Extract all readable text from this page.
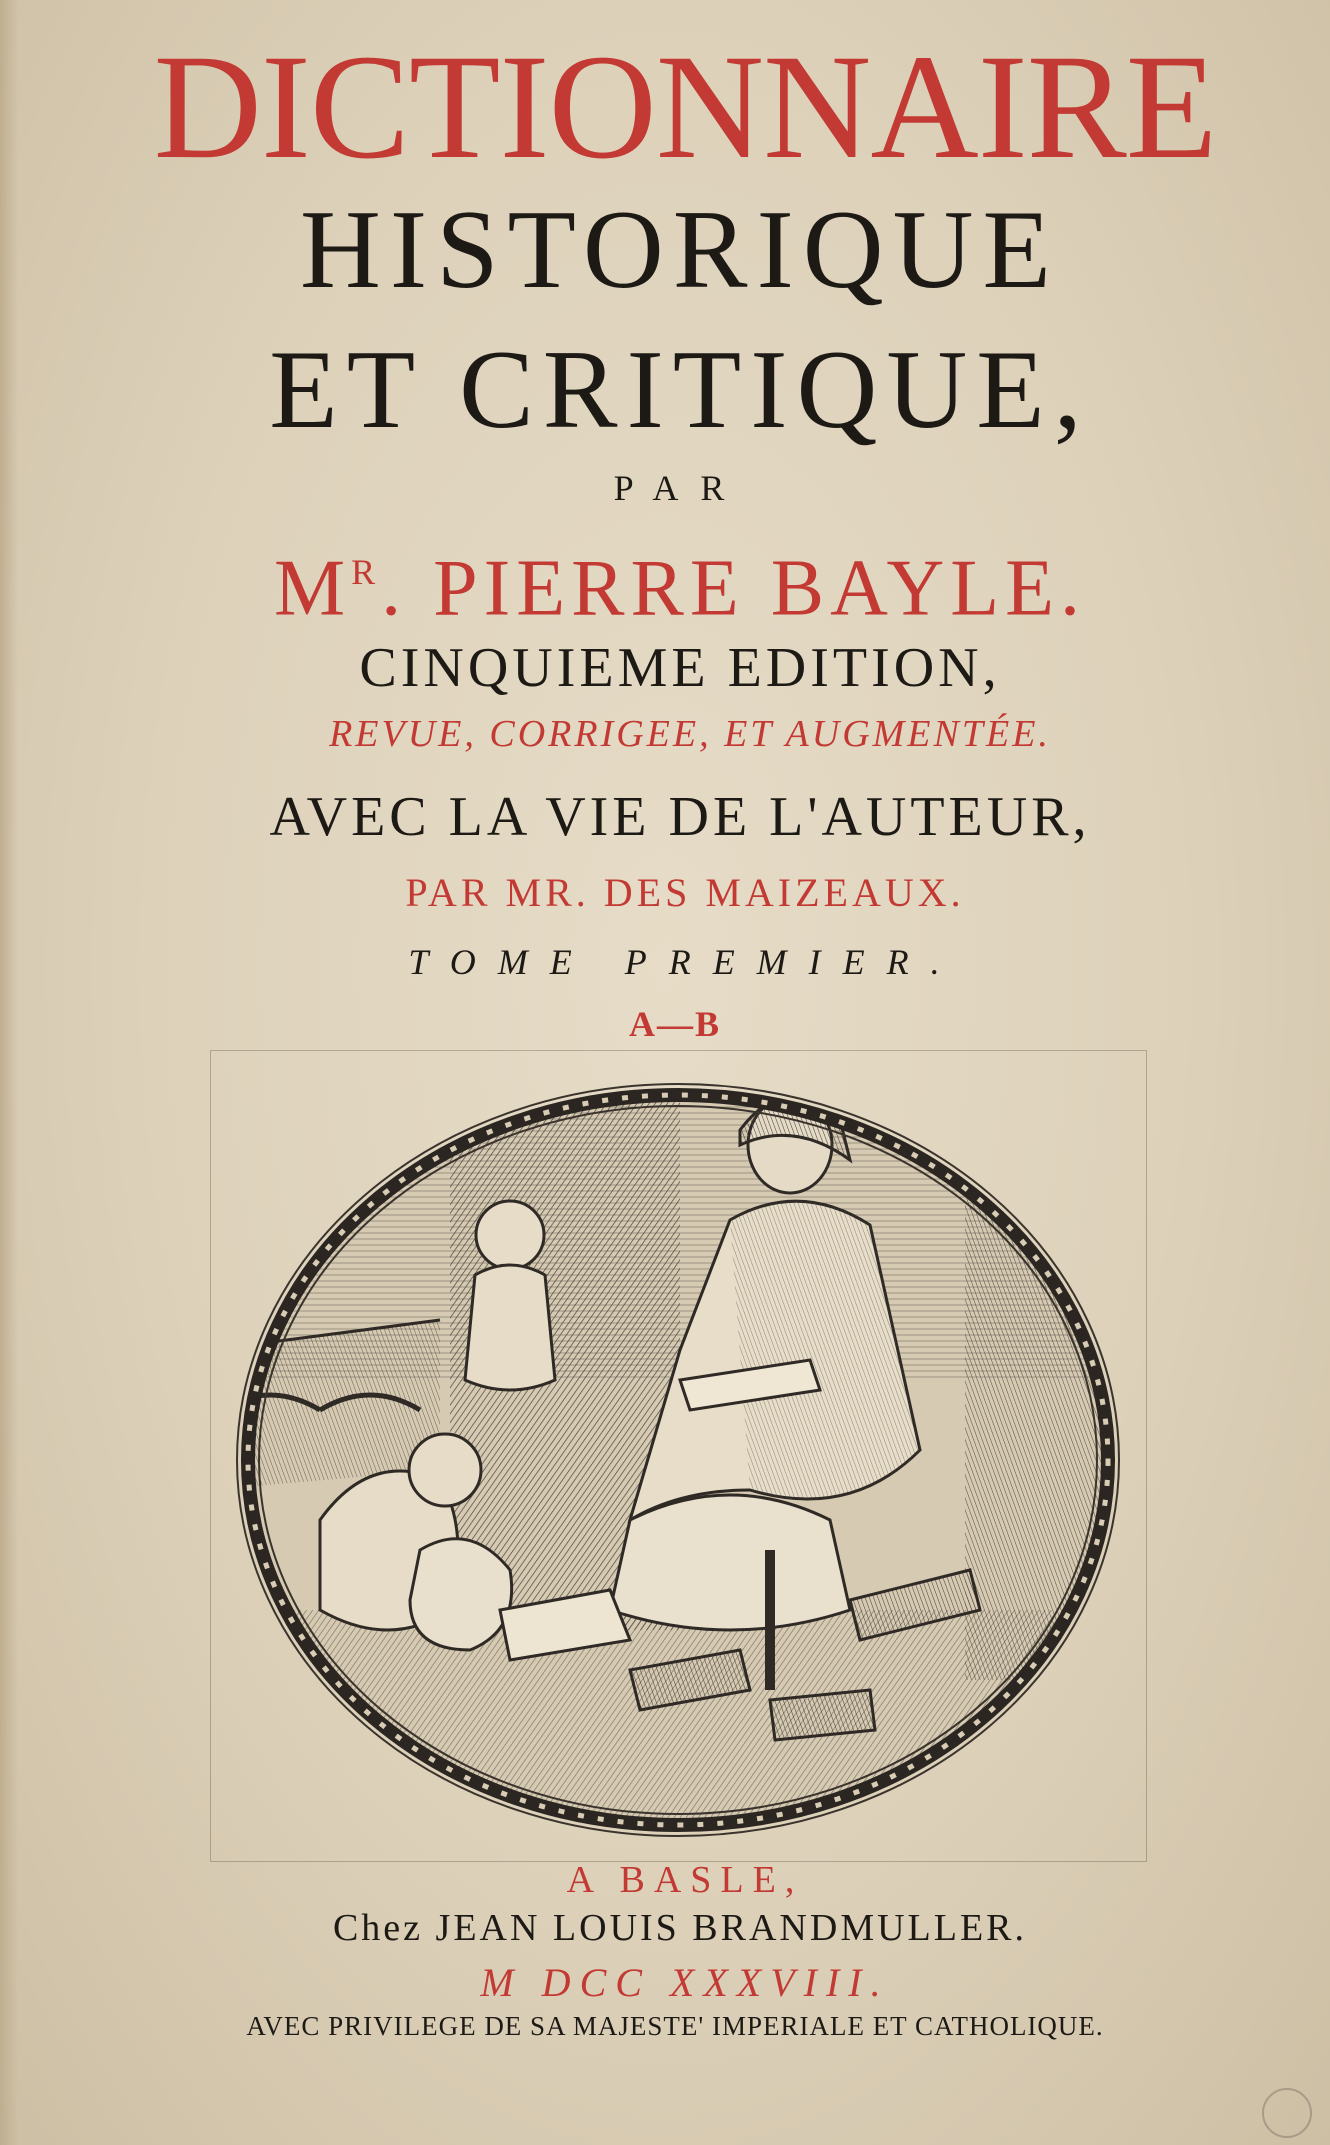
DICTIONNAIRE
HISTORIQUE
ET CRITIQUE,
PAR
$M^R$. PIERRE BAYLE.
CINQUIEME EDITION,
REVUE, CORRIGEE, ET AUGMENTÉE.
AVEC LA VIE DE L'AUTEUR,
PAR MR. DES MAIZEAUX.
TOME PREMIER.
A—B
A BASLE,
Chez JEAN LOUIS BRANDMULLER.
M DCC XXXVIII.
AVEC PRIVILEGE DE SA MAJESTE' IMPERIALE ET CATHOLIQUE.
